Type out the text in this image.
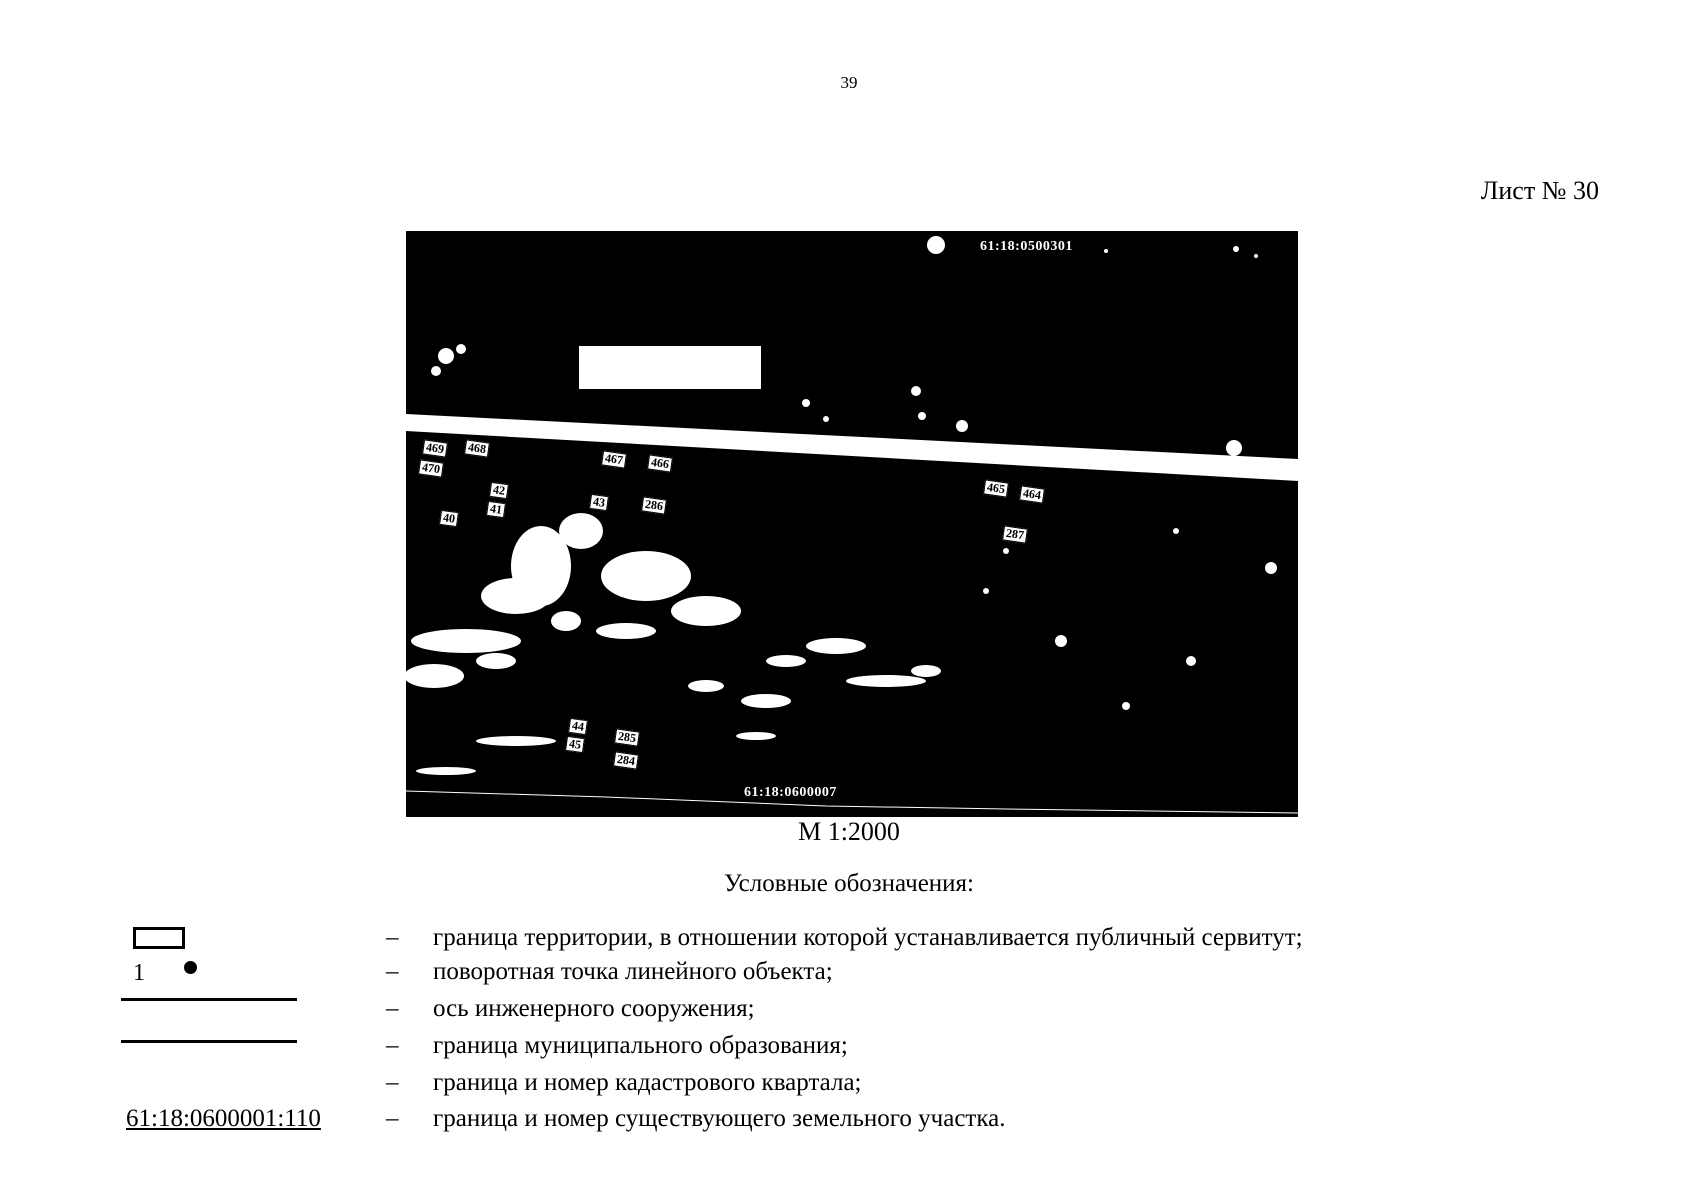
39
Лист № 30
61:18:0500301
61:18:0600007
469 468
470
42
41
40
467 466
43	286
465 464
287
44
45	285
284
М 1:2000
Условные обозначения:
– граница территории, в отношении которой устанавливается публичный сервитут;
1	– поворотная точка линейного объекта;
– ось инженерного сооружения;
– граница муниципального образования;
– граница и номер кадастрового квартала;
61:18:0600001:110	– граница и номер существующего земельного участка.
